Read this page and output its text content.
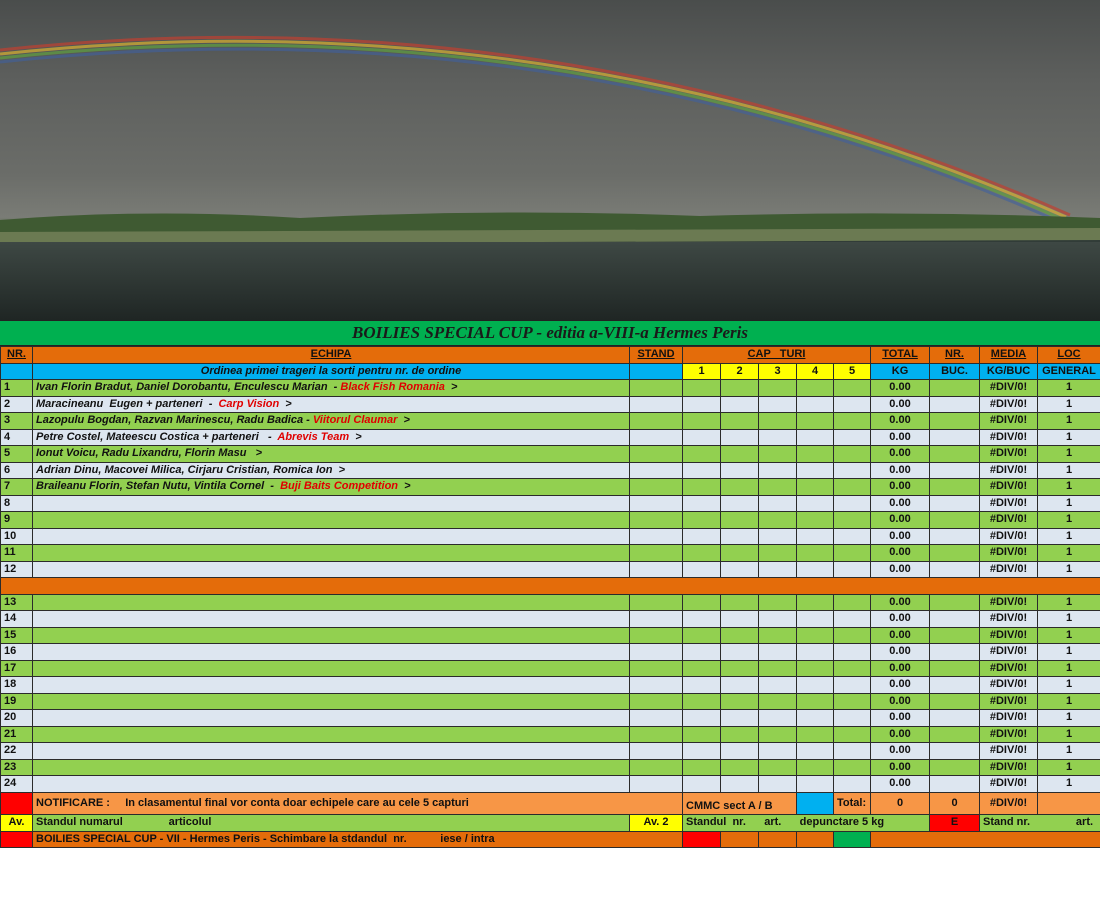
BOILIES SPECIAL CUP - editia a-VIII-a Hermes Peris
NR.	ECHIPA	STAND	CAP   TURI					TOTAL	NR.	MEDIA	LOC
	Ordinea primei trageri la sorti pentru nr. de ordine		1	2	3	4	5	KG	BUC.	KG/BUC	GENERAL
1	Ivan Florin Bradut, Daniel Dorobantu, Enculescu Marian  - Black Fish Romania  >							0.00		#DIV/0!	1
2	Maracineanu  Eugen + parteneri  -  Carp Vision  >							0.00		#DIV/0!	1
3	Lazopulu Bogdan, Razvan Marinescu, Radu Badica - Viitorul Claumar  >							0.00		#DIV/0!	1
4	Petre Costel, Mateescu Costica + parteneri   -  Abrevis Team  >							0.00		#DIV/0!	1
5	Ionut Voicu, Radu Lixandru, Florin Masu   >							0.00		#DIV/0!	1
6	Adrian Dinu, Macovei Milica, Cirjaru Cristian, Romica Ion  >							0.00		#DIV/0!	1
7	Braileanu Florin, Stefan Nutu, Vintila Cornel  -  Buji Baits Competition  >							0.00		#DIV/0!	1
8								0.00		#DIV/0!	1
9								0.00		#DIV/0!	1
10								0.00		#DIV/0!	1
11								0.00		#DIV/0!	1
12								0.00		#DIV/0!	1

13								0.00		#DIV/0!	1
14								0.00		#DIV/0!	1
15								0.00		#DIV/0!	1
16								0.00		#DIV/0!	1
17								0.00		#DIV/0!	1
18								0.00		#DIV/0!	1
19								0.00		#DIV/0!	1
20								0.00		#DIV/0!	1
21								0.00		#DIV/0!	1
22								0.00		#DIV/0!	1
23								0.00		#DIV/0!	1
24								0.00		#DIV/0!	1
	NOTIFICARE :     In clasamentul final vor conta doar echipele care au cele 5 capturi		CMMC sect A / B				Total:	0	0	#DIV/0!	
Av.	Standul numarul               articolul	Av. 2	Standul  nr.      art.      depunctare 5 kg						E	Stand nr.               art.	
	BOILIES SPECIAL CUP - VII - Hermes Peris - Schimbare la stdandul  nr.           iese / intra										
